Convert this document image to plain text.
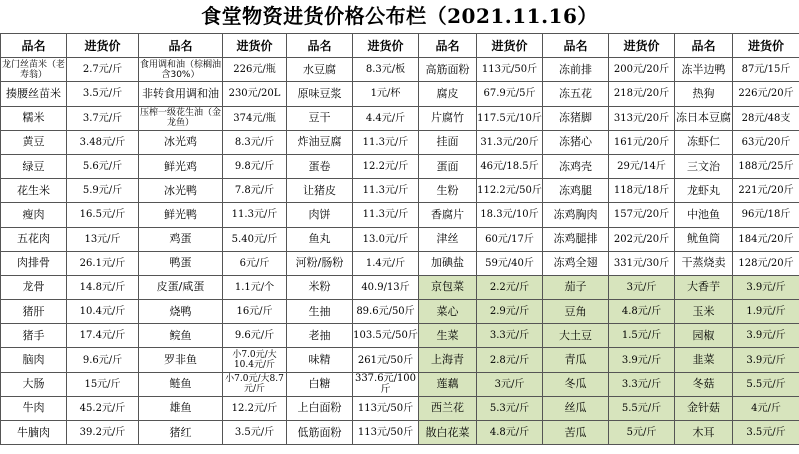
食堂物资进货价格公布栏（2021.11.16）
品名	进货价	品名	进货价	品名	进货价	品名	进货价	品名	进货价	品名	进货价
龙门丝苗米（老寿翁）	2.7元/斤	食用调和油（棕榈油含30%）	226元/瓶	水豆腐	8.3元/板	高筋面粉	113元/50斤	冻前排	200元/20斤	冻半边鸭	87元/15斤
揍腰丝苗米	3.5元/斤	非转食用调和油	230元/20L	原味豆浆	1元/杯	腐皮	67.9元/5斤	冻五花	218元/20斤	热狗	226元/20斤
糯米	3.7元/斤	压榨一级花生油（金龙鱼）	374元/瓶	豆干	4.4元/斤	片腐竹	117.5元/10斤	冻猪脚	313元/20斤	冻日本豆腐	28元/48支
黄豆	3.48元/斤	冰光鸡	8.3元/斤	炸油豆腐	11.3元/斤	挂面	31.3元/20斤	冻猪心	161元/20斤	冻虾仁	63元/20斤
绿豆	5.6元/斤	鲜光鸡	9.8元/斤	蛋卷	12.2元/斤	蛋面	46元/18.5斤	冻鸡壳	29元/14斤	三文治	188元/25斤
花生米	5.9元/斤	冰光鸭	7.8元/斤	让猪皮	11.3元/斤	生粉	112.2元/50斤	冻鸡腿	118元/18斤	龙虾丸	221元/20斤
瘦肉	16.5元/斤	鲜光鸭	11.3元/斤	肉饼	11.3元/斤	香腐片	18.3元/10斤	冻鸡胸肉	157元/20斤	中池鱼	96元/18斤
五花肉	13元/斤	鸡蛋	5.40元/斤	鱼丸	13.0元/斤	津丝	60元/17斤	冻鸡腿排	202元/20斤	鱿鱼筒	184元/20斤
肉排骨	26.1元/斤	鸭蛋	6元/斤	河粉/肠粉	1.4元/斤	加碘盐	59元/40斤	冻鸡全翅	331元/30斤	干蒸烧卖	128元/20斤
龙骨	14.8元/斤	皮蛋/咸蛋	1.1元/个	米粉	40.9/13斤	京包菜	2.2元/斤	茄子	3元/斤	大香芋	3.9元/斤
猪肝	10.4元/斤	烧鸭	16元/斤	生抽	89.6元/50斤	菜心	2.9元/斤	豆角	4.8元/斤	玉米	1.9元/斤
猪手	17.4元/斤	鲩鱼	9.6元/斤	老抽	103.5元/50斤	生菜	3.3元/斤	大土豆	1.5元/斤	园椒	3.9元/斤
脑肉	9.6元/斤	罗非鱼	小7.0元/大10.4元/斤	味精	261元/50斤	上海青	2.8元/斤	青瓜	3.9元/斤	韭菜	3.9元/斤
大肠	15元/斤	鲢鱼	小7.0元/大8.7元/斤	白糖	337.6元/100斤	莲藕	3元/斤	冬瓜	3.3元/斤	冬菇	5.5元/斤
牛肉	45.2元/斤	雄鱼	12.2元/斤	上白面粉	113元/50斤	西兰花	5.3元/斤	丝瓜	5.5元/斤	金针菇	4元/斤
牛腩肉	39.2元/斤	猪红	3.5元/斤	低筋面粉	113元/50斤	散白花菜	4.8元/斤	苦瓜	5元/斤	木耳	3.5元/斤
